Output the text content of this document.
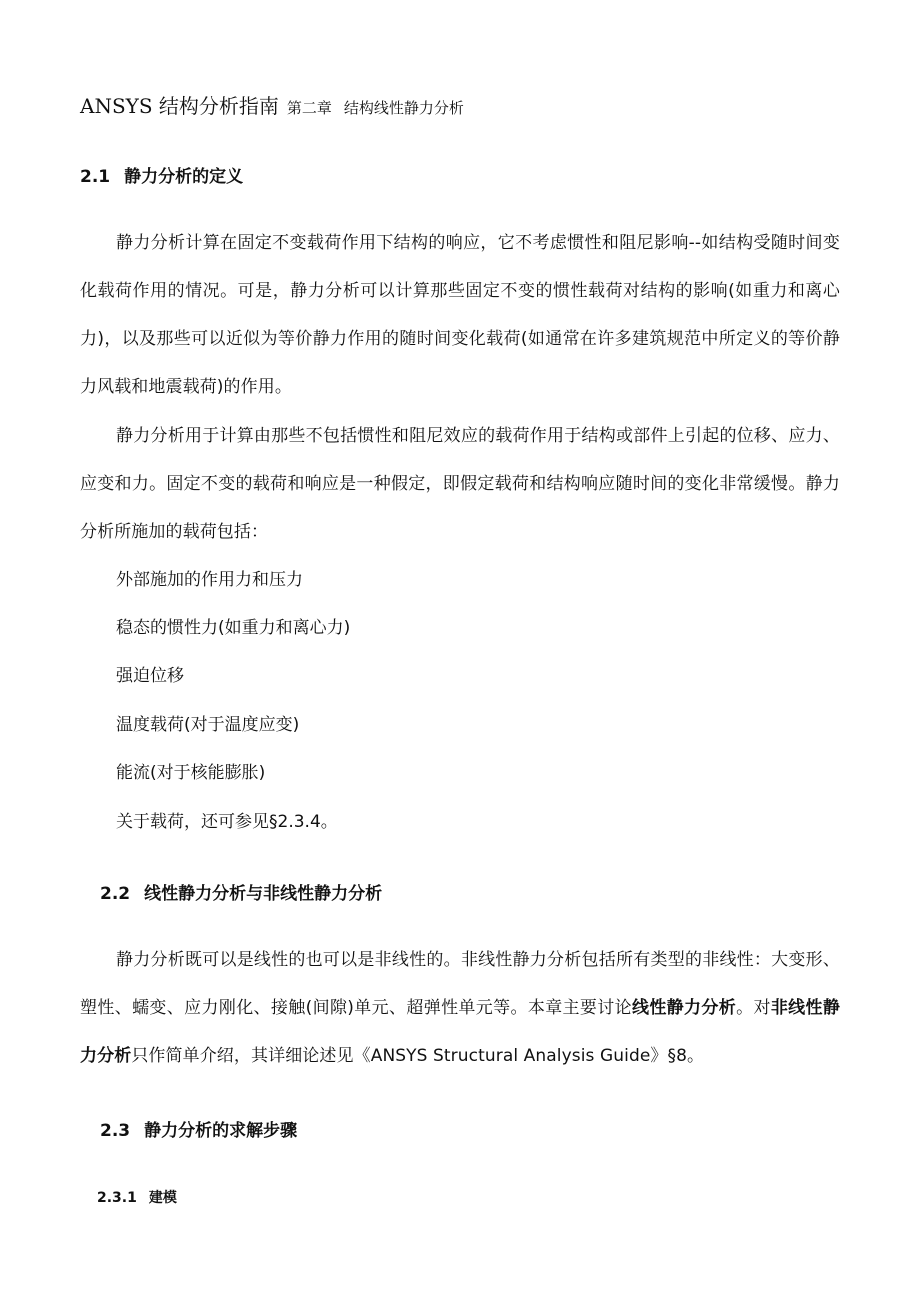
ANSYS 结构分析指南 第二章 结构线性静力分析
2.1 静力分析的定义
静力分析计算在固定不变载荷作用下结构的响应，它不考虑惯性和阻尼影响--如结构受随时间变化载荷作用的情况。可是，静力分析可以计算那些固定不变的惯性载荷对结构的影响(如重力和离心力)，以及那些可以近似为等价静力作用的随时间变化载荷(如通常在许多建筑规范中所定义的等价静力风载和地震载荷)的作用。
静力分析用于计算由那些不包括惯性和阻尼效应的载荷作用于结构或部件上引起的位移、应力、应变和力。固定不变的载荷和响应是一种假定，即假定载荷和结构响应随时间的变化非常缓慢。静力分析所施加的载荷包括：
外部施加的作用力和压力
稳态的惯性力(如重力和离心力)
强迫位移
温度载荷(对于温度应变)
能流(对于核能膨胀)
关于载荷，还可参见§2.3.4。
2.2 线性静力分析与非线性静力分析
静力分析既可以是线性的也可以是非线性的。非线性静力分析包括所有类型的非线性：大变形、塑性、蠕变、应力刚化、接触(间隙)单元、超弹性单元等。本章主要讨论线性静力分析。对非线性静力分析只作简单介绍，其详细论述见《ANSYS Structural Analysis Guide》§8。
2.3 静力分析的求解步骤
2.3.1 建模
